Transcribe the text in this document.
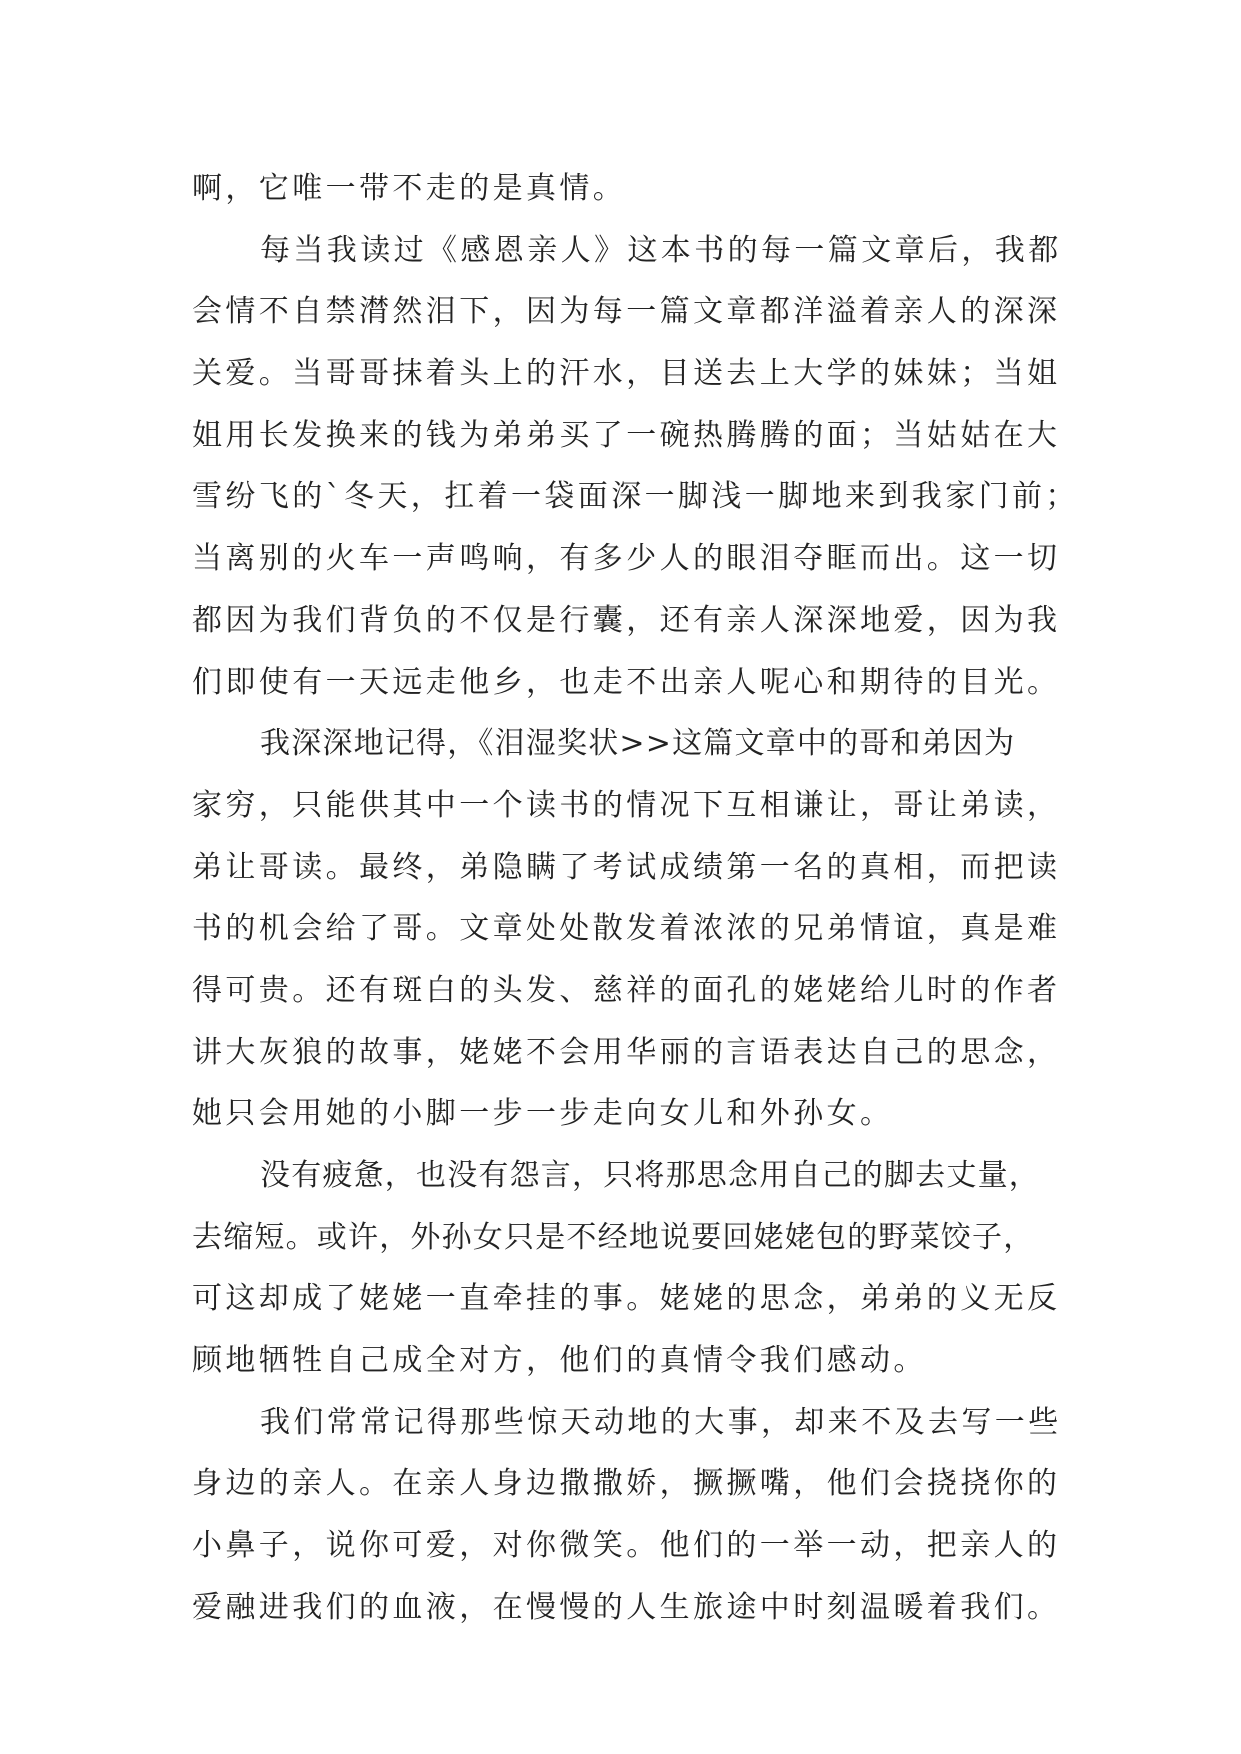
啊，它唯一带不走的是真情。
每当我读过《感恩亲人》这本书的每一篇文章后，我都
会情不自禁潸然泪下，因为每一篇文章都洋溢着亲人的深深
关爱。当哥哥抹着头上的汗水，目送去上大学的妹妹；当姐
姐用长发换来的钱为弟弟买了一碗热腾腾的面；当姑姑在大
雪纷飞的`冬天，扛着一袋面深一脚浅一脚地来到我家门前；
当离别的火车一声鸣响，有多少人的眼泪夺眶而出。这一切
都因为我们背负的不仅是行囊，还有亲人深深地爱，因为我
们即使有一天远走他乡，也走不出亲人呢心和期待的目光。
我深深地记得，《泪湿奖状>>这篇文章中的哥和弟因为
家穷，只能供其中一个读书的情况下互相谦让，哥让弟读，
弟让哥读。最终，弟隐瞒了考试成绩第一名的真相，而把读
书的机会给了哥。文章处处散发着浓浓的兄弟情谊，真是难
得可贵。还有斑白的头发、慈祥的面孔的姥姥给儿时的作者
讲大灰狼的故事，姥姥不会用华丽的言语表达自己的思念，
她只会用她的小脚一步一步走向女儿和外孙女。
没有疲惫，也没有怨言，只将那思念用自己的脚去丈量，
去缩短。或许，外孙女只是不经地说要回姥姥包的野菜饺子，
可这却成了姥姥一直牵挂的事。姥姥的思念，弟弟的义无反
顾地牺牲自己成全对方，他们的真情令我们感动。
我们常常记得那些惊天动地的大事，却来不及去写一些
身边的亲人。在亲人身边撒撒娇，撅撅嘴，他们会挠挠你的
小鼻子，说你可爱，对你微笑。他们的一举一动，把亲人的
爱融进我们的血液，在慢慢的人生旅途中时刻温暖着我们。
